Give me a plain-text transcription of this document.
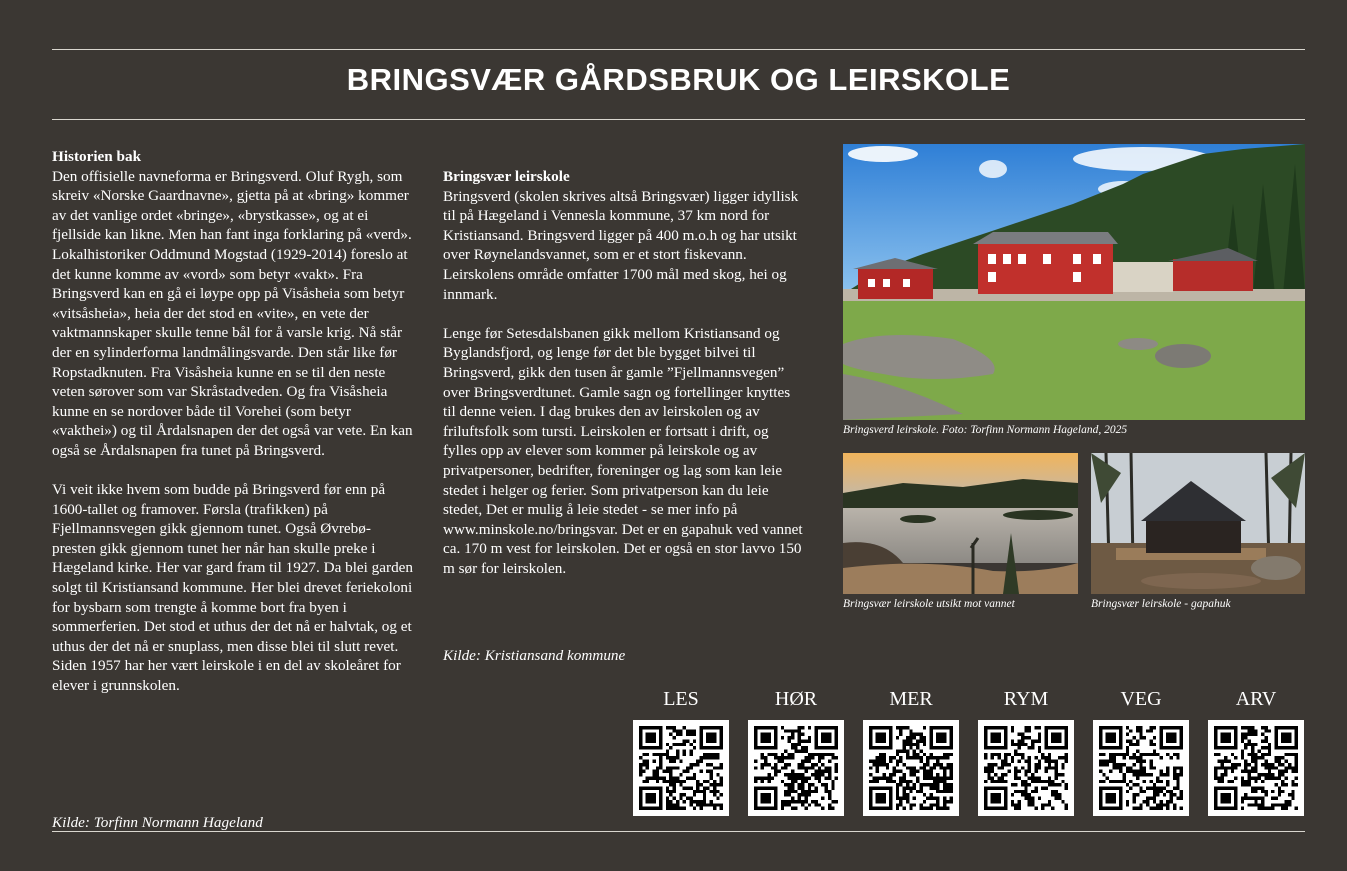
BRINGSVÆR GÅRDSBRUK OG LEIRSKOLE

Historien bak
Den offisielle navneforma er Bringsverd. Oluf Rygh, som skreiv «Norske Gaardnavne», gjetta på at «bring» kommer av det vanlige ordet «bringe», «brystkasse», og at ei fjellside kan likne. Men han fant inga forklaring på «verd». Lokalhistoriker Oddmund Mogstad (1929-2014) foreslo at det kunne komme av «vord» som betyr «vakt». Fra Bringsverd kan en gå ei løype opp på Visåsheia som betyr «vitsåsheia», heia der det stod en «vite», en vete der vaktmannskaper skulle tenne bål for å varsle krig. Nå står der en sylinderforma landmålingsvarde. Den står like før Ropstadknuten. Fra Visåsheia kunne en se til den neste veten sørover som var Skråstadveden. Og fra Visåsheia kunne en se nordover både til Vorehei (som betyr «vakthei») og til Årdalsnapen der det også var vete. En kan også se Årdalsnapen fra tunet på Bringsverd.

Vi veit ikke hvem som budde på Bringsverd før enn på 1600-tallet og framover. Førsla (trafikken) på Fjellmannsvegen gikk gjennom tunet. Også Øvrebø-presten gikk gjennom tunet her når han skulle preke i Hægeland kirke. Her var gard fram til 1927. Da blei garden solgt til Kristiansand kommune. Her blei drevet feriekoloni for bysbarn som trengte å komme bort fra byen i sommerferien. Det stod et uthus der det nå er halvtak, og et uthus der det nå er snuplass, men disse blei til slutt revet. Siden 1957 har her vært leirskole i en del av skoleåret for elever i grunnskolen.

Kilde: Torfinn Normann Hageland

Bringsvær leirskole
Bringsverd (skolen skrives altså Bringsvær) ligger idyllisk til på Hægeland i Vennesla kommune, 37 km nord for Kristiansand. Bringsverd ligger på 400 m.o.h og har utsikt over Røynelandsvannet, som er et stort fiskevann. Leirskolens område omfatter 1700 mål med skog, hei og innmark.

Lenge før Setesdalsbanen gikk mellom Kristiansand og Byglandsfjord, og lenge før det ble bygget bilvei til Bringsverd, gikk den tusen år gamle ”Fjellmannsvegen” over Bringsverdtunet. Gamle sagn og fortellinger knyttes til denne veien. I dag brukes den av leirskolen og av friluftsfolk som tursti. Leirskolen er fortsatt i drift, og fylles opp av elever som kommer på leirskole og av privatpersoner, bedrifter, foreninger og lag som kan leie stedet i helger og ferier. Som privatperson kan du leie stedet, Det er mulig å leie stedet - se mer info på www.minskole.no/bringsvar. Det er en gapahuk ved vannet ca. 170 m vest for leirskolen. Det er også en stor lavvo 150 m sør for leirskolen.

Kilde: Kristiansand kommune
Bringsverd leirskole. Foto: Torfinn Normann Hageland, 2025
Bringsvær leirskole utsikt mot vannet	Bringsvær leirskole - gapahuk
LES	HØR	MER	RYM	VEG	ARV
